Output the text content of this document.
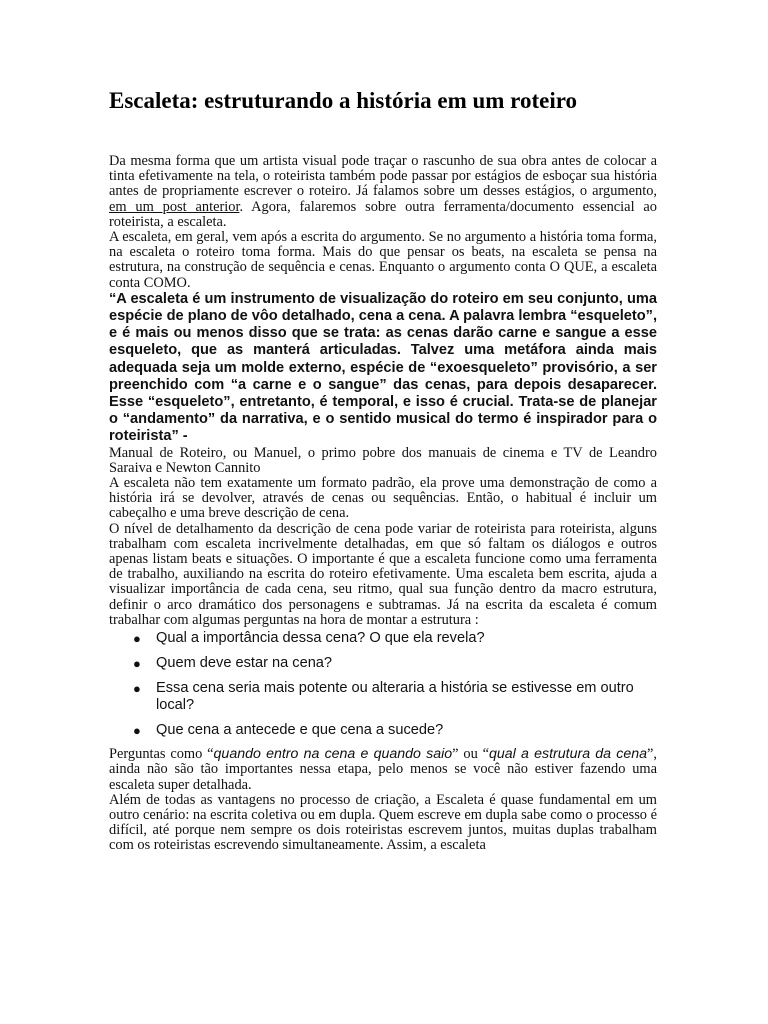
Escaleta: estruturando a história em um roteiro

Da mesma forma que um artista visual pode traçar o rascunho de sua obra antes de colocar a tinta efetivamente na tela, o roteirista também pode passar por estágios de esboçar sua história antes de propriamente escrever o roteiro. Já falamos sobre um desses estágios, o argumento, em um post anterior. Agora, falaremos sobre outra ferramenta/documento essencial ao roteirista, a escaleta.

A escaleta, em geral, vem após a escrita do argumento. Se no argumento a história toma forma, na escaleta o roteiro toma forma. Mais do que pensar os beats, na escaleta se pensa na estrutura, na construção de sequência e cenas. Enquanto o argumento conta O QUE, a escaleta conta COMO.

“A escaleta é um instrumento de visualização do roteiro em seu conjunto, uma espécie de plano de vôo detalhado, cena a cena. A palavra lembra “esqueleto”, e é mais ou menos disso que se trata: as cenas darão carne e sangue a esse esqueleto, que as manterá articuladas. Talvez uma metáfora ainda mais adequada seja um molde externo, espécie de “exoesqueleto” provisório, a ser preenchido com “a carne e o sangue” das cenas, para depois desaparecer. Esse “esqueleto”, entretanto, é temporal, e isso é crucial. Trata-se de planejar o “andamento” da narrativa, e o sentido musical do termo é inspirador para o roteirista” -

Manual de Roteiro, ou Manuel, o primo pobre dos manuais de cinema e TV de Leandro Saraiva e Newton Cannito

A escaleta não tem exatamente um formato padrão, ela prove uma demonstração de como a história irá se devolver, através de cenas ou sequências. Então, o habitual é incluir um cabeçalho e uma breve descrição de cena.

O nível de detalhamento da descrição de cena pode variar de roteirista para roteirista, alguns trabalham com escaleta incrivelmente detalhadas, em que só faltam os diálogos e outros apenas listam beats e situações. O importante é que a escaleta funcione como uma ferramenta de trabalho, auxiliando na escrita do roteiro efetivamente. Uma escaleta bem escrita, ajuda a visualizar importância de cada cena, seu ritmo, qual sua função dentro da macro estrutura, definir o arco dramático dos personagens e subtramas. Já na escrita da escaleta é comum trabalhar com algumas perguntas na hora de montar a estrutura :

● Qual a importância dessa cena? O que ela revela?
● Quem deve estar na cena?
● Essa cena seria mais potente ou alteraria a história se estivesse em outro local?
● Que cena a antecede e que cena a sucede?

Perguntas como “quando entro na cena e quando saio” ou “qual a estrutura da cena”, ainda não são tão importantes nessa etapa, pelo menos se você não estiver fazendo uma escaleta super detalhada.

Além de todas as vantagens no processo de criação, a Escaleta é quase fundamental em um outro cenário: na escrita coletiva ou em dupla. Quem escreve em dupla sabe como o processo é difícil, até porque nem sempre os dois roteiristas escrevem juntos, muitas duplas trabalham com os roteiristas escrevendo simultaneamente. Assim, a escaleta
